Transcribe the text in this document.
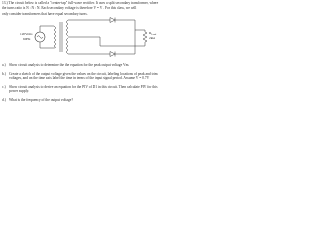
13.) The circuit below is called a "center-tap" full-wave rectifier. It uses a split secondary transformer, where
the turns ratio is N : N : N. Each secondary voltage is therefore V = V . For this class, we will
only consider transformers that have equal secondary turns.
120Vrms
60Hz
$R_{Load}$
2kΩ
a.) Show circuit analysis to determine the the equation for the peak output voltage Vm.
b.) Create a sketch of the output voltage given the values on the circuit, labeling locations of peak and trim
voltages, and on the time axis label the time in terms of the input signal period. Assume V = 0.7V
c.) Show circuit analysis to derive an equation for the PIV of D1 in this circuit. Then calculate PIV for this
power supply.
d.) What is the frequency of the output voltage?
